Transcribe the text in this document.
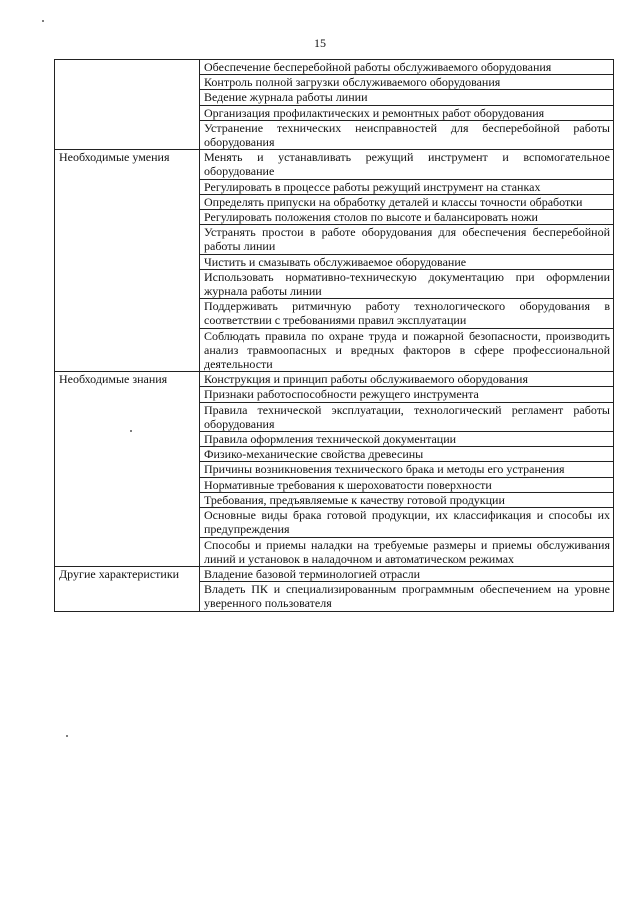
15
	Обеспечение бесперебойной работы обслуживаемого оборудования
	Контроль полной загрузки обслуживаемого оборудования
	Ведение журнала работы линии
	Организация профилактических и ремонтных работ оборудования
	Устранение технических неисправностей для бесперебойной работы оборудования
Необходимые умения	Менять и устанавливать режущий инструмент и вспомогательное оборудование
	Регулировать в процессе работы режущий инструмент на станках
	Определять припуски на обработку деталей и классы точности обработки
	Регулировать положения столов по высоте и балансировать ножи
	Устранять простои в работе оборудования для обеспечения бесперебойной работы линии
	Чистить и смазывать обслуживаемое оборудование
	Использовать нормативно-техническую документацию при оформлении журнала работы линии
	Поддерживать ритмичную работу технологического оборудования в соответствии с требованиями правил эксплуатации
	Соблюдать правила по охране труда и пожарной безопасности, производить анализ травмоопасных и вредных факторов в сфере профессиональной деятельности
Необходимые знания	Конструкция и принцип работы обслуживаемого оборудования
	Признаки работоспособности режущего инструмента
	Правила технической эксплуатации, технологический регламент работы оборудования
	Правила оформления технической документации
	Физико-механические свойства древесины
	Причины возникновения технического брака и методы его устранения
	Нормативные требования к шероховатости поверхности
	Требования, предъявляемые к качеству готовой продукции
	Основные виды брака готовой продукции, их классификация и способы их предупреждения
	Способы и приемы наладки на требуемые размеры и приемы обслуживания линий и установок в наладочном и автоматическом режимах
Другие характеристики	Владение базовой терминологией отрасли
	Владеть ПК и специализированным программным обеспечением на уровне уверенного пользователя
